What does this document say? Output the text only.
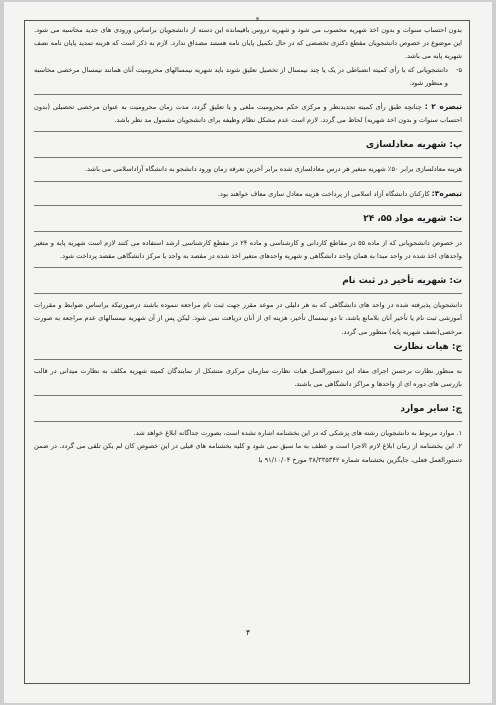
بدون احتساب سنوات و بدون اخذ شهریه محسوب می شود و شهریه دروس باقیمانده این دسته از دانشجویان براساس ورودی های جدید محاسبه می شود. این موضوع در خصوص دانشجویان مقطع دکتری تخصصی که در حال تکمیل پایان نامه هستند مصداق ندارد. لازم به ذکر است که هزینه تمدید پایان نامه نصف شهریه پایه می باشد.

۵-

دانشجویانی که با رأی کمیته انضباطی در یک یا چند نیمسال از تحصیل تعلیق شوند باید شهریه نیمسالهای محرومیت آنان همانند نیمسال مرخصی محاسبه و منظور شود.

تبصره ۲ : چنانچه طبق رأی کمیته تجدیدنظر و مرکزی حکم محرومیت ملغی و یا تعلیق گردد، مدت زمان محرومیت به عنوان مرخصی تحصیلی (بدون احتساب سنوات و بدون اخذ شهریه) لحاظ می گردد. لازم است عدم مشکل نظام وظیفه برای دانشجویان مشمول مد نظر باشد.

پ: شهریه معادلسازی

هزینه معادلسازی برابر ۵۰٪ شهریه متغیر هر درس معادلسازی شده برابر آخرین تعرفه زمان ورود دانشجو به دانشگاه آزاداسلامی می باشد.

تبصره۳: کارکنان دانشگاه آزاد اسلامی از پرداخت هزینه معادل سازی معاف خواهند بود.

ت: شهریه مواد ۵۵، ۲۴

در خصوص دانشجویانی که از ماده ۵۵ در مقاطع کاردانی و کارشناسی و ماده ۲۴ در مقطع کارشناسی ارشد استفاده می کنند لازم است شهریه پایه و متغیر واحدهای اخذ شده در واحد مبدا به همان واحد دانشگاهی و شهریه واحدهای متغیر اخذ شده در مقصد به واحد یا مرکز دانشگاهی مقصد پرداخت شود.

ث: شهریه تأخیر در ثبت نام

دانشجویان پذیرفته شده در واحد های دانشگاهی که به هر دلیلی در موعد مقرر جهت ثبت نام مراجعه ننموده باشند درصورتیکه براساس ضوابط و مقررات آموزشی ثبت نام یا تأخیر آنان بلامانع باشد، تا دو نیمسال تأخیر، هزینه ای از آنان دریافت نمی شود. لیکن پس از آن شهریه نیمسالهای عدم مراجعه به صورت مرخصی(نصف شهریه پایه) منظور می گردد.

ج: هیات نظارت

به منظور نظارت برحسن اجرای مفاد این دستورالعمل هیات نظارت سازمان مرکزی متشکل از نمایندگان کمیته شهریه مکلف به نظارت میدانی در قالب بازرسی های دوره ای از واحدها و مراکز دانشگاهی می باشند.

چ: سایر موارد

۱. موارد مربوط به دانشجویان رشته های پزشکی که در این بخشنامه اشاره نشده است، بصورت جداگانه ابلاغ خواهد شد.

۲. این بخشنامه از زمان ابلاغ لازم الاجرا است و عطف به ما سبق نمی شود و کلیه بخشنامه های قبلی در این خصوص کان لم یکن تلقی می گردد. در ضمن دستورالعمل فعلی، جایگزین بخشنامه شماره ۳۸/۳۳۵۳۴۲ مورخ ۹۱/۱۰/۰۴ با

۴
